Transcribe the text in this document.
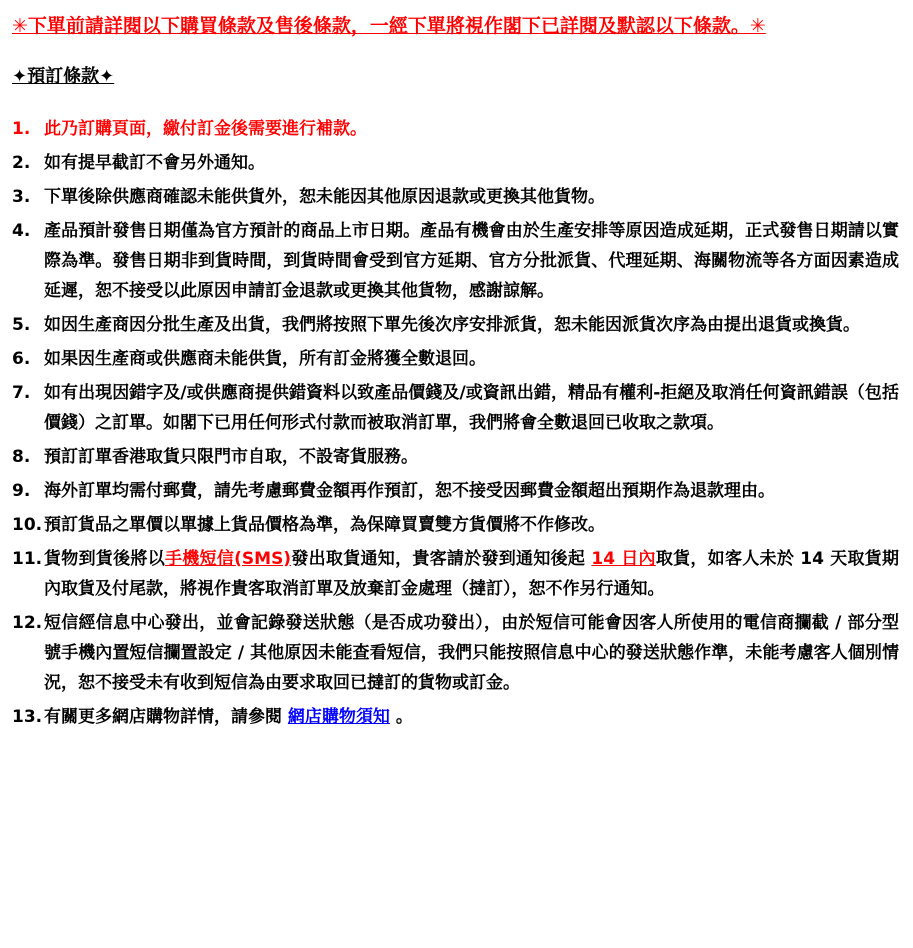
✳下單前請詳閱以下購買條款及售後條款，一經下單將視作閣下已詳閱及默認以下條款。✳
✦預訂條款✦
1. 此乃訂購頁面，繳付訂金後需要進行補款。
2. 如有提早截訂不會另外通知。
3. 下單後除供應商確認未能供貨外，恕未能因其他原因退款或更換其他貨物。
4. 產品預計發售日期僅為官方預計的商品上市日期。產品有機會由於生產安排等原因造成延期，正式發售日期請以實際為準。發售日期非到貨時間，到貨時間會受到官方延期、官方分批派貨、代理延期、海關物流等各方面因素造成延遲，恕不接受以此原因申請訂金退款或更換其他貨物，感謝諒解。
5. 如因生產商因分批生產及出貨，我們將按照下單先後次序安排派貨，恕未能因派貨次序為由提出退貨或換貨。
6. 如果因生產商或供應商未能供貨，所有訂金將獲全數退回。
7. 如有出現因錯字及/或供應商提供錯資料以致產品價錢及/或資訊出錯，精品有權利-拒絕及取消任何資訊錯誤（包括價錢）之訂單。如閣下已用任何形式付款而被取消訂單，我們將會全數退回已收取之款項。
8. 預訂訂單香港取貨只限門市自取，不設寄貨服務。
9. 海外訂單均需付郵費，請先考慮郵費金額再作預訂，恕不接受因郵費金額超出預期作為退款理由。
10. 預訂貨品之單價以單據上貨品價格為準，為保障買賣雙方貨價將不作修改。
11. 貨物到貨後將以手機短信(SMS)發出取貨通知，貴客請於發到通知後起 14 日內取貨，如客人未於 14 天取貨期內取貨及付尾款，將視作貴客取消訂單及放棄訂金處理（撻訂），恕不作另行通知。
12. 短信經信息中心發出，並會記錄發送狀態（是否成功發出），由於短信可能會因客人所使用的電信商攔截 / 部分型號手機內置短信攔置設定 / 其他原因未能查看短信，我們只能按照信息中心的發送狀態作準，未能考慮客人個別情況，恕不接受未有收到短信為由要求取回已撻訂的貨物或訂金。
13. 有關更多網店購物詳情，請參閱 網店購物須知 。
